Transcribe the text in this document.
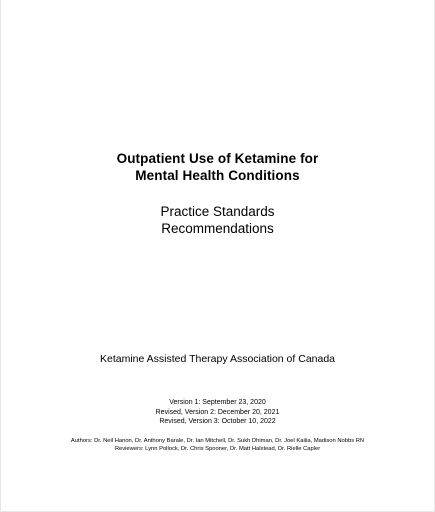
Outpatient Use of Ketamine for
Mental Health Conditions
Practice Standards
Recommendations
Ketamine Assisted Therapy Association of Canada
Version 1: September 23, 2020
Revised, Version 2: December 20, 2021
Revised, Version 3: October 10, 2022
Authors: Dr. Neil Hanon, Dr. Anthony Barale, Dr. Ian Mitchell, Dr. Sukh Dhiman, Dr. Joel Kailia, Madison Nobbs RN
Reviewers: Lynn Pollock, Dr. Chris Spooner, Dr. Matt Halstead, Dr. Rielle Capler
